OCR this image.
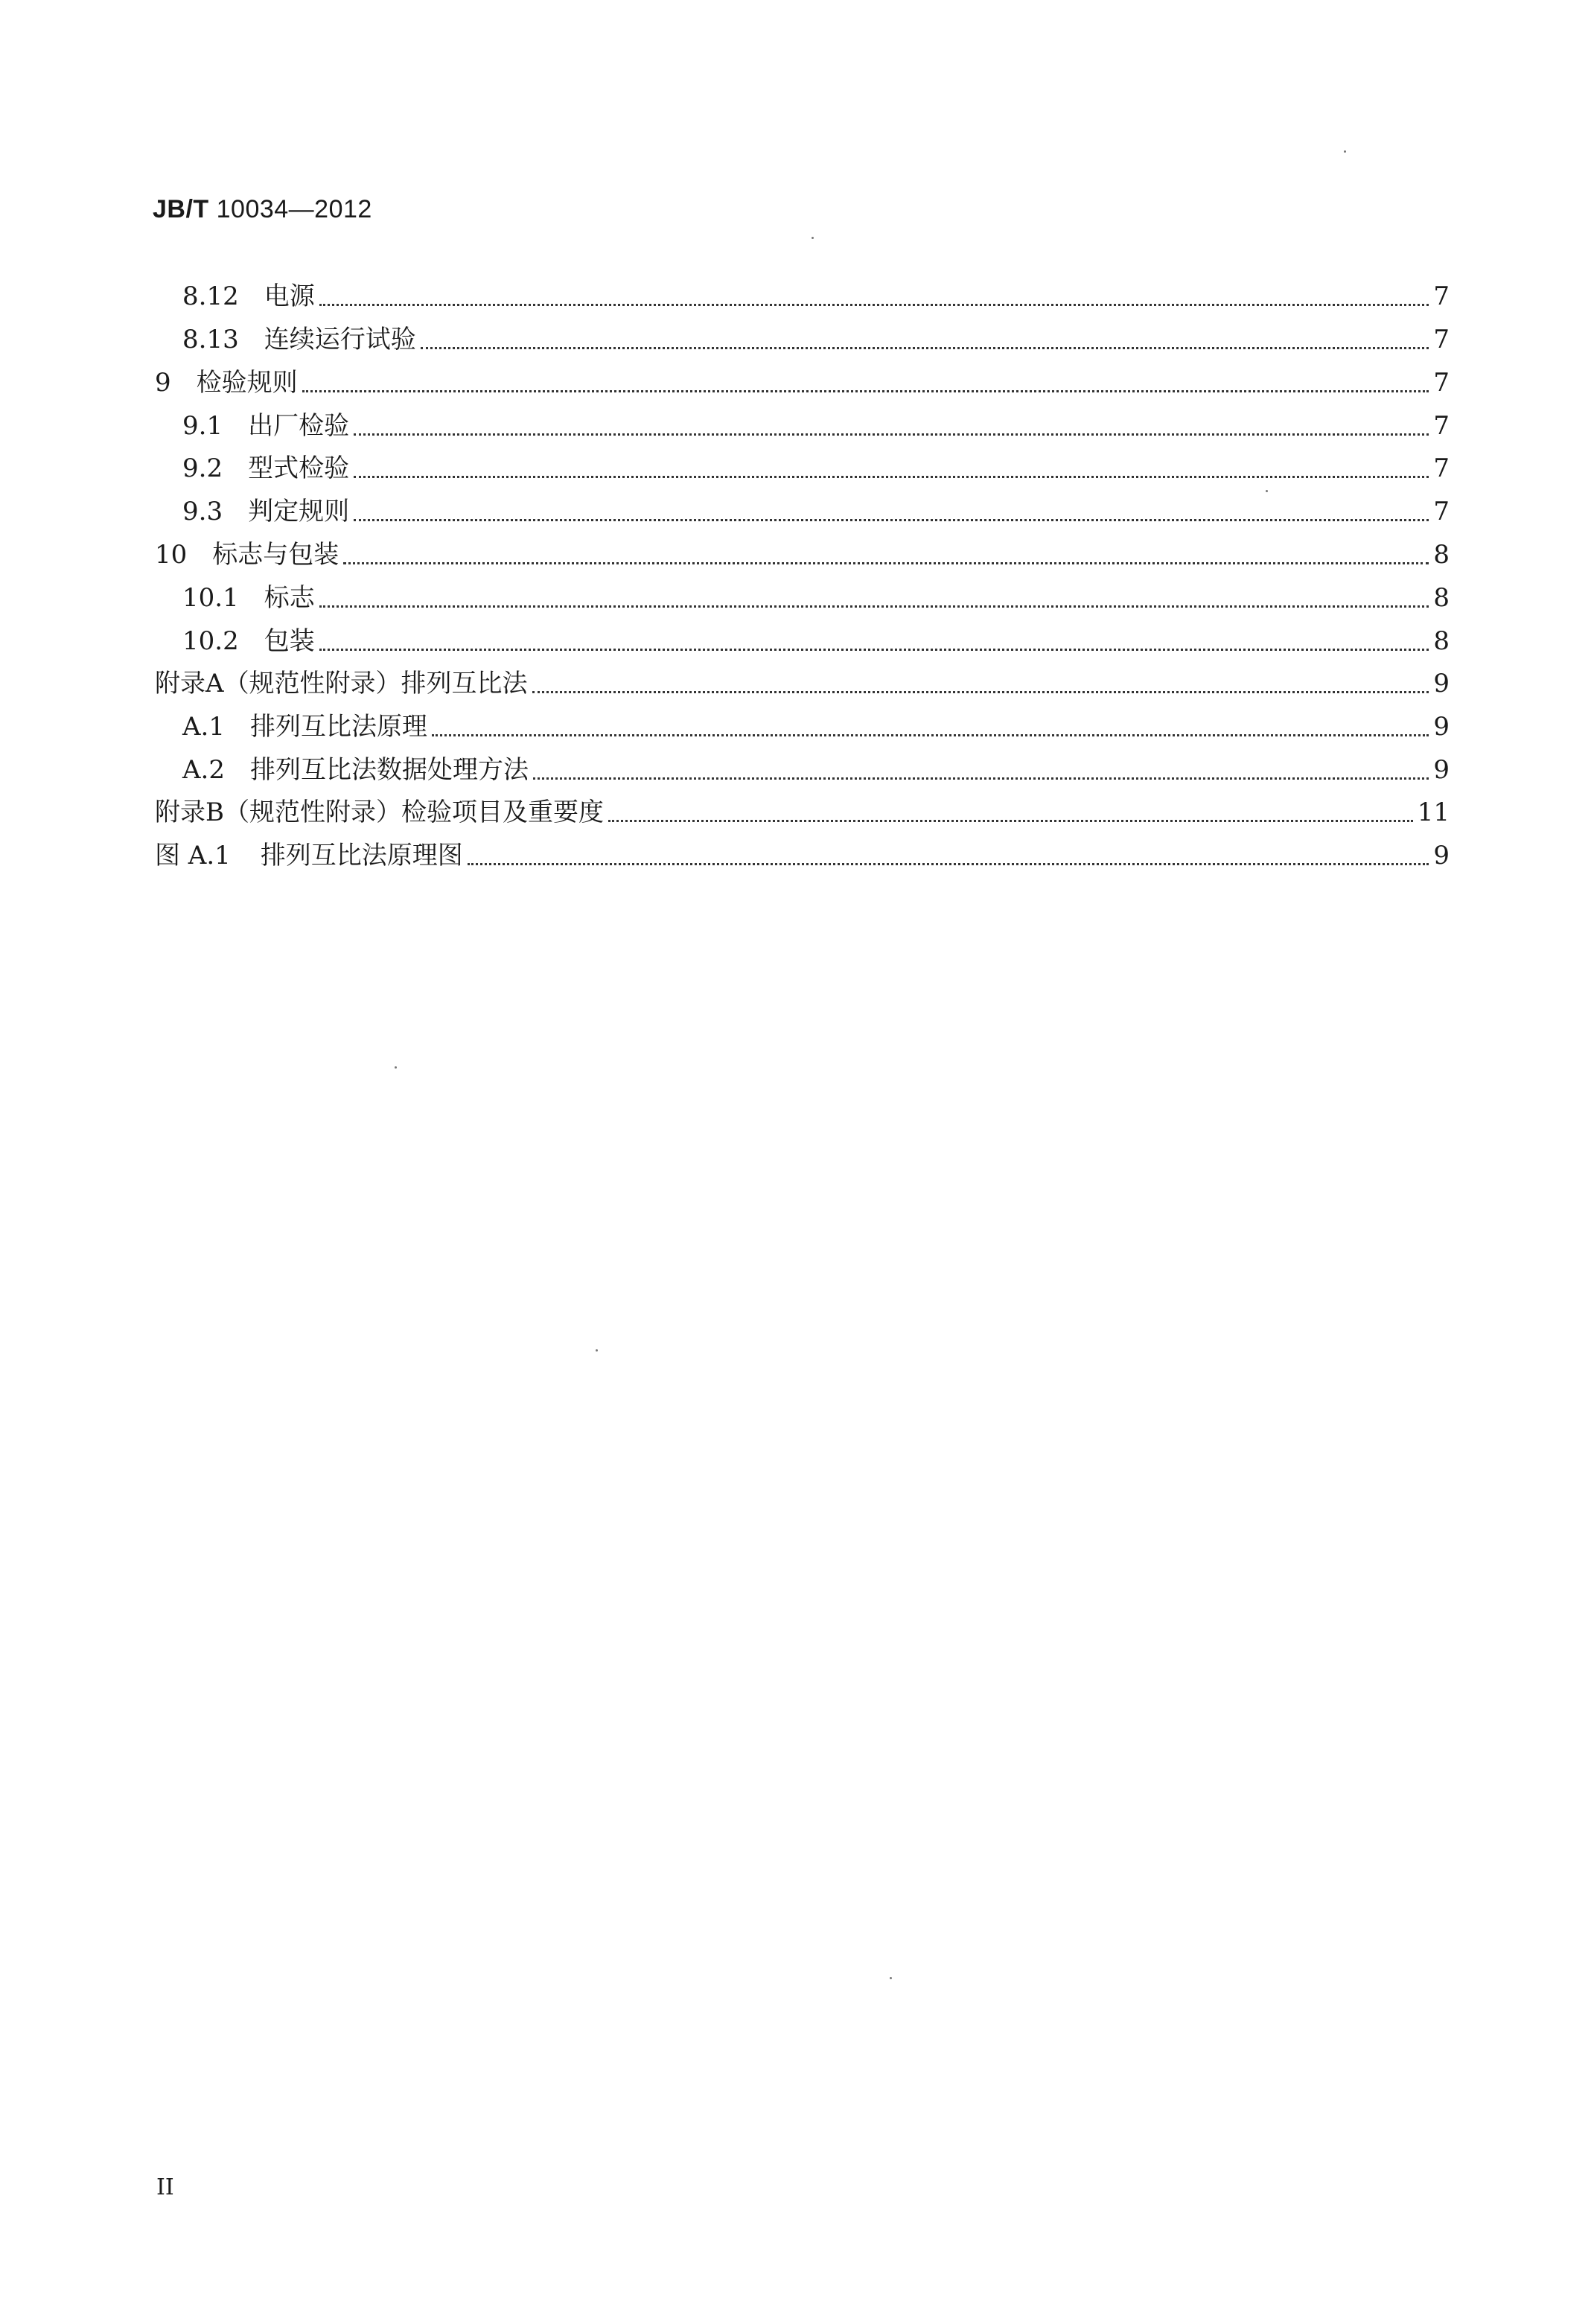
JB/T 10034—2012
8.12 电源	7
8.13 连续运行试验	7
9 检验规则	7
9.1 出厂检验	7
9.2 型式检验	7
9.3 判定规则	7
10 标志与包装	8
10.1 标志	8
10.2 包装	8
附录A （规范性附录）排列互比法	9
A.1 排列互比法原理	9
A.2 排列互比法数据处理方法	9
附录B （规范性附录）检验项目及重要度	11
图 A.1 排列互比法原理图	9
II
